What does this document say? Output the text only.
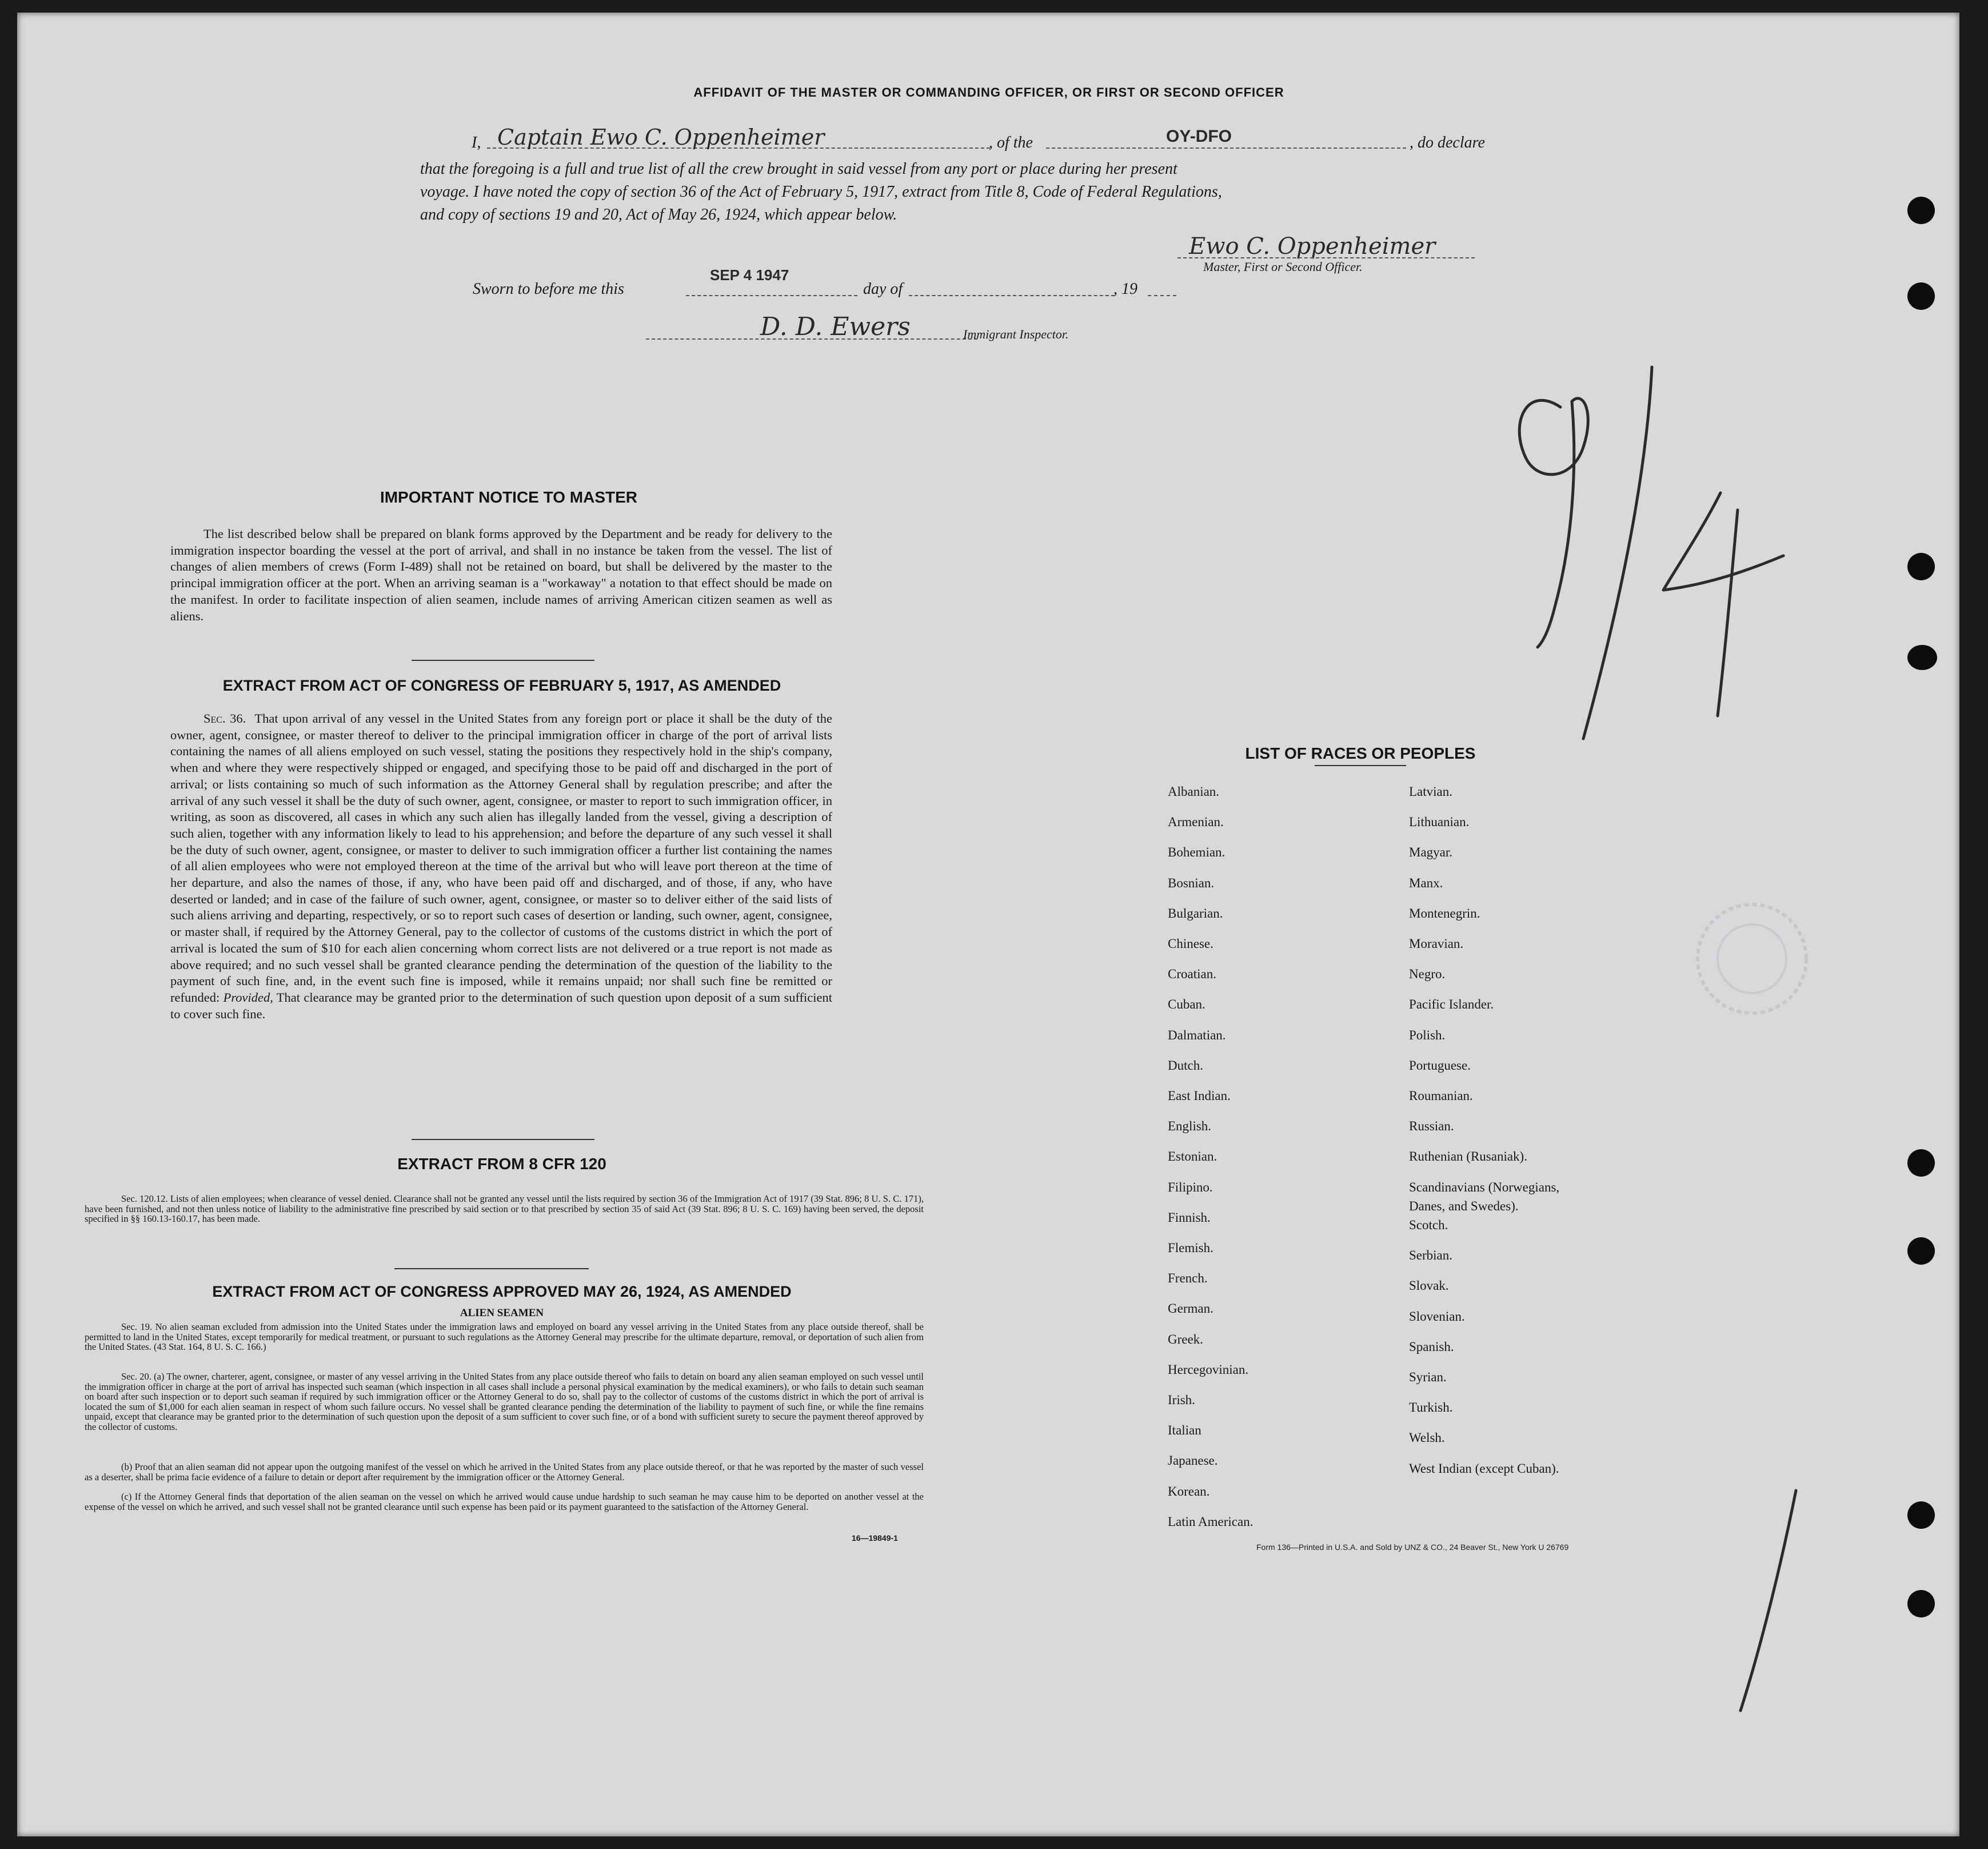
AFFIDAVIT OF THE MASTER OR COMMANDING OFFICER, OR FIRST OR SECOND OFFICER
I, Captain Ewo C. Oppenheimer	, of the	OY-DFO	, do declare
that the foregoing is a full and true list of all the crew brought in said vessel from any port or place during her present
voyage. I have noted the copy of section 36 of the Act of February 5, 1917, extract from Title 8, Code of Federal Regulations,
and copy of sections 19 and 20, Act of May 26, 1924, which appear below.
Ewo C. Oppenheimer
Master, First or Second Officer.
SEP 4 1947
Sworn to before me this	day of	, 19
D. D. Ewers	Immigrant Inspector.
IMPORTANT NOTICE TO MASTER
The list described below shall be prepared on blank forms approved by the Department and be ready for delivery to the immigration inspector boarding the vessel at the port of arrival, and shall in no instance be taken from the vessel. The list of changes of alien members of crews (Form I-489) shall not be retained on board, but shall be delivered by the master to the principal immigration officer at the port. When an arriving seaman is a "workaway" a notation to that effect should be made on the manifest. In order to facilitate inspection of alien seamen, include names of arriving American citizen seamen as well as aliens.
EXTRACT FROM ACT OF CONGRESS OF FEBRUARY 5, 1917, AS AMENDED
Sec. 36. That upon arrival of any vessel in the United States from any foreign port or place it shall be the duty of the owner, agent, consignee, or master thereof to deliver to the principal immigration officer in charge of the port of arrival lists containing the names of all aliens employed on such vessel, stating the positions they respectively hold in the ship's company, when and where they were respectively shipped or engaged, and specifying those to be paid off and discharged in the port of arrival; or lists containing so much of such information as the Attorney General shall by regulation prescribe; and after the arrival of any such vessel it shall be the duty of such owner, agent, consignee, or master to report to such immigration officer, in writing, as soon as discovered, all cases in which any such alien has illegally landed from the vessel, giving a description of such alien, together with any information likely to lead to his apprehension; and before the departure of any such vessel it shall be the duty of such owner, agent, consignee, or master to deliver to such immigration officer a further list containing the names of all alien employees who were not employed thereon at the time of the arrival but who will leave port thereon at the time of her departure, and also the names of those, if any, who have been paid off and discharged, and of those, if any, who have deserted or landed; and in case of the failure of such owner, agent, consignee, or master so to deliver either of the said lists of such aliens arriving and departing, respectively, or so to report such cases of desertion or landing, such owner, agent, consignee, or master shall, if required by the Attorney General, pay to the collector of customs of the customs district in which the port of arrival is located the sum of $10 for each alien concerning whom correct lists are not delivered or a true report is not made as above required; and no such vessel shall be granted clearance pending the determination of the question of the liability to the payment of such fine, and, in the event such fine is imposed, while it remains unpaid; nor shall such fine be remitted or refunded: Provided, That clearance may be granted prior to the determination of such question upon deposit of a sum sufficient to cover such fine.
EXTRACT FROM 8 CFR 120
Sec. 120.12. Lists of alien employees; when clearance of vessel denied. Clearance shall not be granted any vessel until the lists required by section 36 of the Immigration Act of 1917 (39 Stat. 896; 8 U. S. C. 171), have been furnished, and not then unless notice of liability to the administrative fine prescribed by said section or to that prescribed by section 35 of said Act (39 Stat. 896; 8 U. S. C. 169) having been served, the deposit specified in §§ 160.13-160.17, has been made.
EXTRACT FROM ACT OF CONGRESS APPROVED MAY 26, 1924, AS AMENDED
ALIEN SEAMEN
Sec. 19. No alien seaman excluded from admission into the United States under the immigration laws and employed on board any vessel arriving in the United States from any place outside thereof, shall be permitted to land in the United States, except temporarily for medical treatment, or pursuant to such regulations as the Attorney General may prescribe for the ultimate departure, removal, or deportation of such alien from the United States. (43 Stat. 164, 8 U. S. C. 166.)
Sec. 20. (a) The owner, charterer, agent, consignee, or master of any vessel arriving in the United States from any place outside thereof who fails to detain on board any alien seaman employed on such vessel until the immigration officer in charge at the port of arrival has inspected such seaman (which inspection in all cases shall include a personal physical examination by the medical examiners), or who fails to detain such seaman on board after such inspection or to deport such seaman if required by such immigration officer or the Attorney General to do so, shall pay to the collector of customs of the customs district in which the port of arrival is located the sum of $1,000 for each alien seaman in respect of whom such failure occurs. No vessel shall be granted clearance pending the determination of the liability to payment of such fine, or while the fine remains unpaid, except that clearance may be granted prior to the determination of such question upon the deposit of a sum sufficient to cover such fine, or of a bond with sufficient surety to secure the payment thereof approved by the collector of customs.
(b) Proof that an alien seaman did not appear upon the outgoing manifest of the vessel on which he arrived in the United States from any place outside thereof, or that he was reported by the master of such vessel as a deserter, shall be prima facie evidence of a failure to detain or deport after requirement by the immigration officer or the Attorney General.
(c) If the Attorney General finds that deportation of the alien seaman on the vessel on which he arrived would cause undue hardship to such seaman he may cause him to be deported on another vessel at the expense of the vessel on which he arrived, and such vessel shall not be granted clearance until such expense has been paid or its payment guaranteed to the satisfaction of the Attorney General.
16—19849-1
LIST OF RACES OR PEOPLES
Albanian.
Armenian.
Bohemian.
Bosnian.
Bulgarian.
Chinese.
Croatian.
Cuban.
Dalmatian.
Dutch.
East Indian.
English.
Estonian.
Filipino.
Finnish.
Flemish.
French.
German.
Greek.
Hercegovinian.
Irish.
Italian
Japanese.
Korean.
Latin American.
Latvian.
Lithuanian.
Magyar.
Manx.
Montenegrin.
Moravian.
Negro.
Pacific Islander.
Polish.
Portuguese.
Roumanian.
Russian.
Ruthenian (Rusaniak).
Scandinavians (Norwegians, Danes, and Swedes).
Scotch.
Serbian.
Slovak.
Slovenian.
Spanish.
Syrian.
Turkish.
Welsh.
West Indian (except Cuban).
Form 136—Printed in U.S.A. and Sold by UNZ & CO., 24 Beaver St., New York U 26769
